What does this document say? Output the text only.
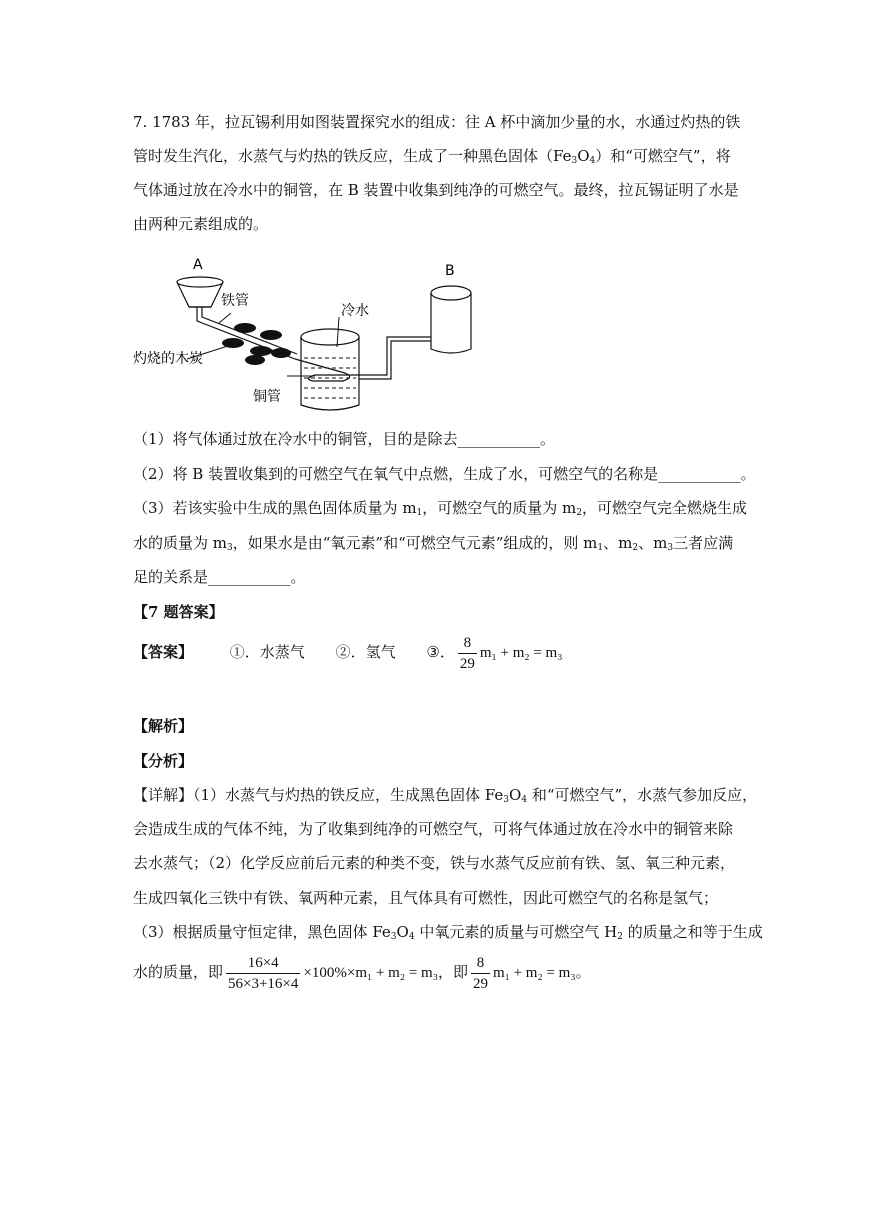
7. 1783 年，拉瓦锡利用如图装置探究水的组成：往 A 杯中滴加少量的水，水通过灼热的铁
管时发生汽化，水蒸气与灼热的铁反应，生成了一种黑色固体$(Fe_3O_4)$和“可燃空气”，将
气体通过放在冷水中的铜管，在 B 装置中收集到纯净的可燃空气。最终，拉瓦锡证明了水是
由两种元素组成的。
A
铁管
灼烧的木炭
冷水
铜管
B
（1）将气体通过放在冷水中的铜管，目的是除去___________。
（2）将 B 装置收集到的可燃空气在氧气中点燃，生成了水，可燃空气的名称是___________。
（3）若该实验中生成的黑色固体质量为 $m_1$，可燃空气的质量为 $m_2$，可燃空气完全燃烧生成
水的质量为 $m_3$，如果水是由“氧元素”和“可燃空气元素”组成的，则 $m_1$、$m_2$、$m_3$三者应满
足的关系是___________。
【7 题答案】
【答案】 ①．水蒸气 ②．氢气 ③． $\frac{8}{29} m_1 + m_2 = m_3$
【解析】
【分析】
【详解】（1）水蒸气与灼热的铁反应，生成黑色固体 $Fe_3O_4$ 和“可燃空气”，水蒸气参加反应，
会造成生成的气体不纯，为了收集到纯净的可燃空气，可将气体通过放在冷水中的铜管来除
去水蒸气；（2）化学反应前后元素的种类不变，铁与水蒸气反应前有铁、氢、氧三种元素，
生成四氧化三铁中有铁、氧两种元素，且气体具有可燃性，因此可燃空气的名称是氢气；
（3）根据质量守恒定律，黑色固体 $Fe_3O_4$ 中氧元素的质量与可燃空气 $H_2$ 的质量之和等于生成
水的质量，即 $\frac{16\times 4}{56\times 3+16\times 4} \times 100\%\times m_1 + m_2 = m_3$，即 $\frac{8}{29} m_1 + m_2 = m_3$。
